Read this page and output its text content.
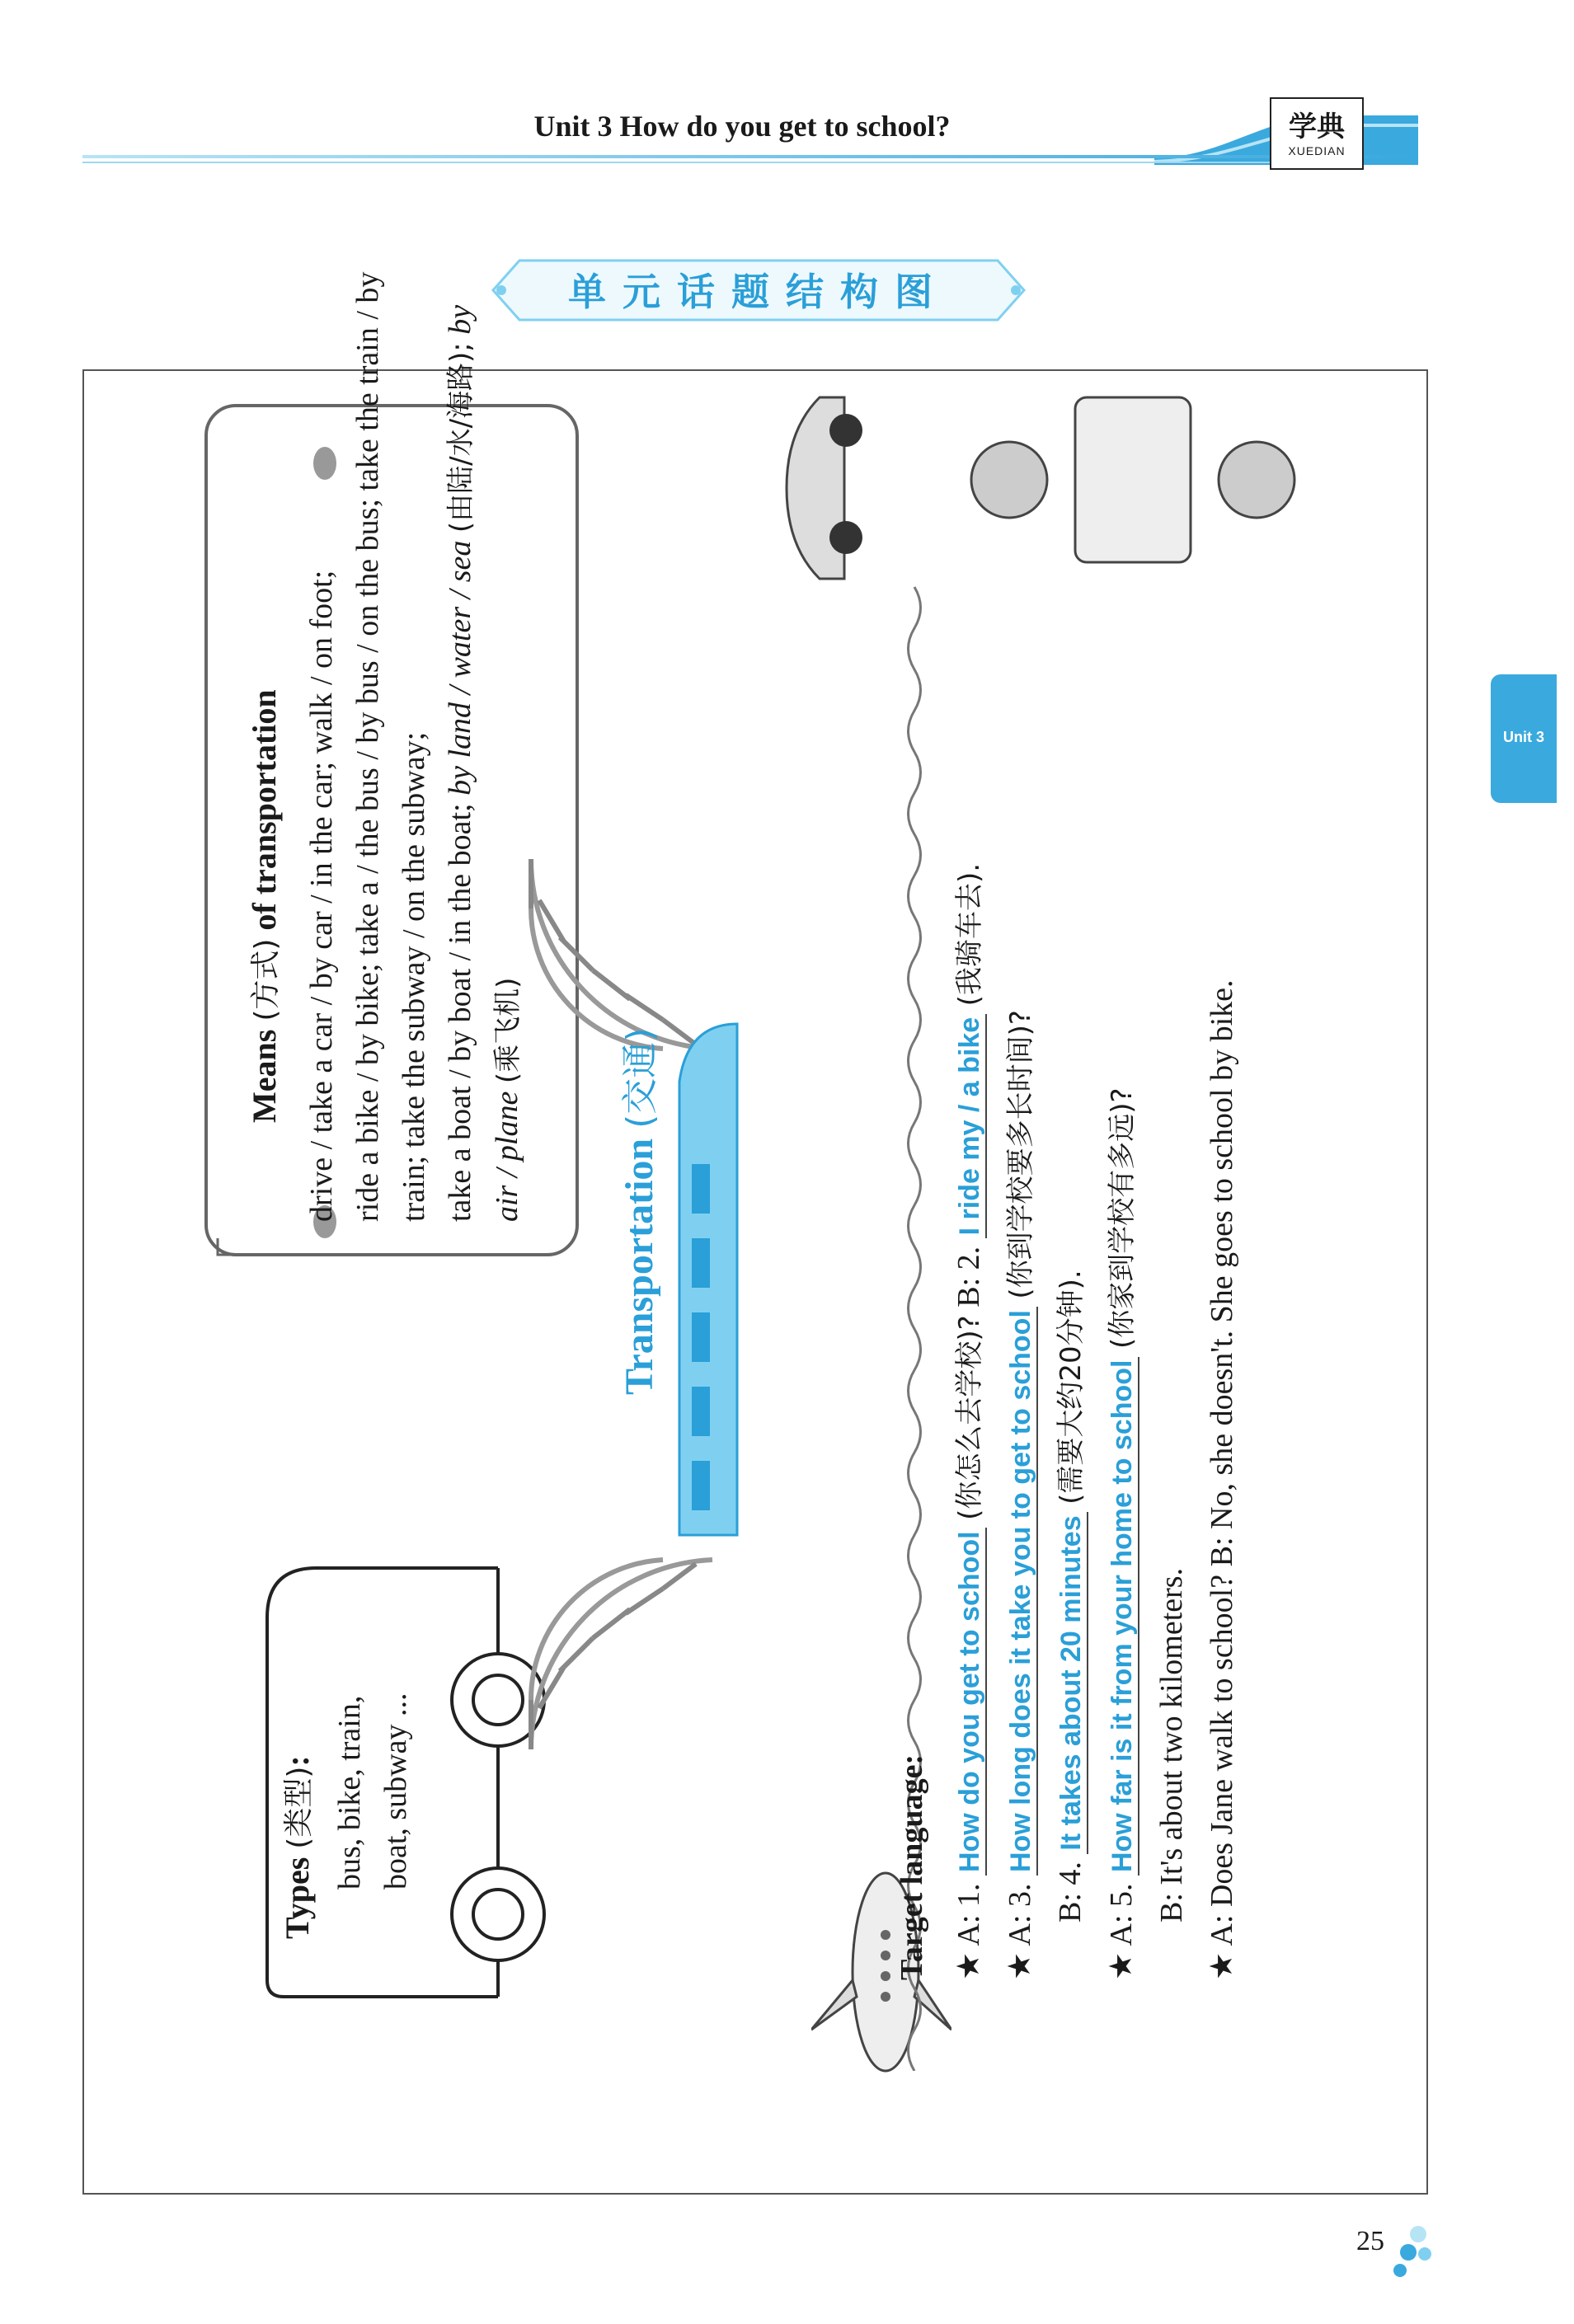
Unit 3 How do you get to school?	学典
XUEDIAN
单元话题结构图
Unit 3
Types (类型): bus, bike, train, boat, subway ...
Means (方式) of transportation drive / take a car / by car / in the car; walk / on foot; ride a bike / by bike; take a / the bus / by bus / on the bus; take the train / by train; take the subway / on the subway; take a boat / by boat / in the boat; by land / water / sea (由陆/水/海路); by
air / plane (乘飞机)
Transportation (交通)
Target language: ★ A: 1. How do you get to school (你怎么去学校)? B: 2. I ride my / a bike (我骑车去).
★ A: 3. How long does it take you to get to school (你到学校要多长时间)?
B: 4. It takes about 20 minutes (需要大约20分钟).
★ A: 5. How far is it from your home to school (你家到学校有多远)?
B: It's about two kilometers.
★ A: Does Jane walk to school? B: No, she doesn't. She goes to school by bike.
25
